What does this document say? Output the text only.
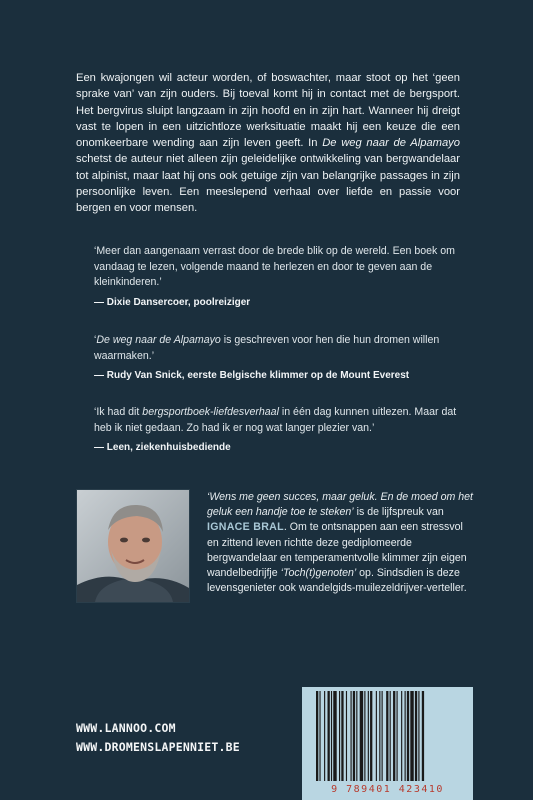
Een kwajongen wil acteur worden, of boswachter, maar stoot op het ‘geen sprake van’ van zijn ouders. Bij toeval komt hij in contact met de bergsport. Het bergvirus sluipt langzaam in zijn hoofd en in zijn hart. Wanneer hij dreigt vast te lopen in een uitzichtloze werksituatie maakt hij een keuze die een onomkeerbare wending aan zijn leven geeft. In De weg naar de Alpamayo schetst de auteur niet alleen zijn geleidelijke ontwikkeling van bergwandelaar tot alpinist, maar laat hij ons ook getuige zijn van belangrijke passages in zijn persoonlijke leven. Een meeslepend verhaal over liefde en passie voor bergen en voor mensen.
‘Meer dan aangenaam verrast door de brede blik op de wereld. Een boek om vandaag te lezen, volgende maand te herlezen en door te geven aan de kleinkinderen.’
— Dixie Dansercoer, poolreiziger
‘De weg naar de Alpamayo is geschreven voor hen die hun dromen willen waarmaken.’
— Rudy Van Snick, eerste Belgische klimmer op de Mount Everest
‘Ik had dit bergsportboek-liefdesverhaal in één dag kunnen uitlezen. Maar dat heb ik niet gedaan. Zo had ik er nog wat langer plezier van.’
— Leen, ziekenhuisbediende
‘Wens me geen succes, maar geluk. En de moed om het geluk een handje toe te steken’ is de lijfspreuk van IGNACE BRAL. Om te ontsnappen aan een stressvol en zittend leven richtte deze gediplomeerde bergwandelaar en temperamentvolle klimmer zijn eigen wandelbedrijfje ‘Toch(t)genoten’ op. Sindsdien is deze levensgenieter ook wandelgids-muilezeldrijver-verteller.
WWW.LANNOO.COM
WWW.DROMENSLAPENNIET.BE
9 789401 423410
